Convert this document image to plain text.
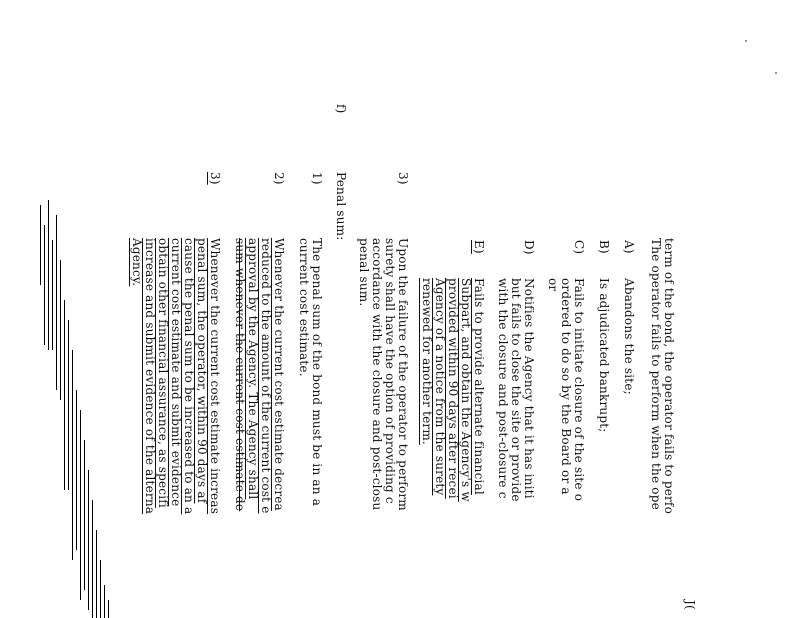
J(
term of the bond, the operator fails to perfo
The operator fails to perform when the ope
A)
Abandons the site;
B)
Is adjudicated bankrupt;
C)
Fails to initiate closure of the site o
ordered to do so by the Board or a
or
D)
Notifies the Agency that it has initi
but fails to close the site or provide
with the closure and post-closure c
E)
Fails to provide alternate financial
Subpart, and obtain the Agency's w
provided within 90 days after recei
Agency of a notice from the surety
renewed for another term.
3)
Upon the failure of the operator to perform
surety shall have the option of providing c
accordance with the closure and post-closu
penal sum.
f)
Penal sum:
1)
The penal sum of the bond must be in an a
current cost estimate.
2)
Whenever the current cost estimate decrea
reduced to the amount of the current cost e
approval by the Agency. The Agency shall
sum whenever the current cost estimate de
3)
Whenever the current cost estimate increas
penal sum, the operator, within 90 days af
cause the penal sum to be increased to an a
current cost estimate and submit evidence
obtain other financial assurance, as specifi
increase and submit evidence of the alterna
Agency.
